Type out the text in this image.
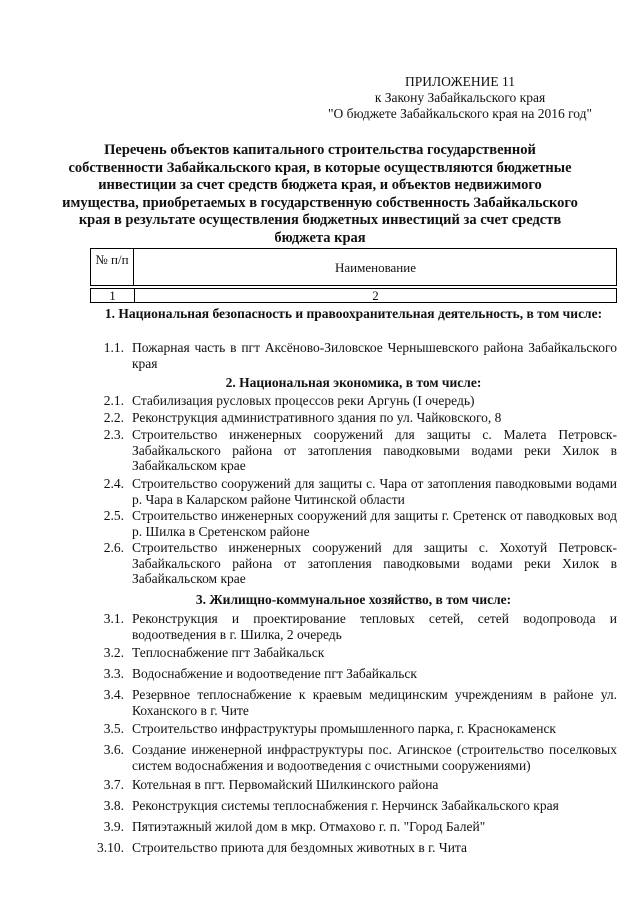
ПРИЛОЖЕНИЕ 11
к Закону Забайкальского края
"О бюджете Забайкальского края на 2016 год"
Перечень объектов капитального строительства государственной собственности Забайкальского края, в которые осуществляются бюджетные инвестиции за счет средств бюджета края, и объектов недвижимого имущества, приобретаемых в государственную собственность Забайкальского края в результате осуществления бюджетных инвестиций за счет средств бюджета края
№ п/п
Наименование
1	2
1. Национальная безопасность и правоохранительная деятельность, в том числе:
1.1. Пожарная часть в пгт Аксёново-Зиловское Чернышевского района Забайкальского края
2. Национальная экономика, в том числе:
2.1. Стабилизация русловых процессов реки Аргунь (I очередь)
2.2. Реконструкция административного здания по ул. Чайковского, 8
2.3. Строительство инженерных сооружений для защиты с. Малета Петровск-Забайкальского района от затопления паводковыми водами реки Хилок в Забайкальском крае
2.4. Строительство сооружений для защиты с. Чара от затопления паводковыми водами р. Чара в Каларском районе Читинской области
2.5. Строительство инженерных сооружений для защиты г. Сретенск от паводковых вод р. Шилка в Сретенском районе
2.6. Строительство инженерных сооружений для защиты с. Хохотуй Петровск-Забайкальского района от затопления паводковыми водами реки Хилок в Забайкальском крае
3. Жилищно-коммунальное хозяйство, в том числе:
3.1. Реконструкция и проектирование тепловых сетей, сетей водопровода и водоотведения в г. Шилка, 2 очередь
3.2. Теплоснабжение пгт Забайкальск
3.3. Водоснабжение и водоотведение пгт Забайкальск
3.4. Резервное теплоснабжение к краевым медицинским учреждениям в районе ул. Коханского в г. Чите
3.5. Строительство инфраструктуры промышленного парка, г. Краснокаменск
3.6. Создание инженерной инфраструктуры пос. Агинское (строительство поселковых систем водоснабжения и водоотведения с очистными сооружениями)
3.7. Котельная в пгт. Первомайский Шилкинского района
3.8. Реконструкция системы теплоснабжения г. Нерчинск Забайкальского края
3.9. Пятиэтажный жилой дом в мкр. Отмахово г. п. "Город Балей"
3.10. Строительство приюта для бездомных животных в г. Чита
